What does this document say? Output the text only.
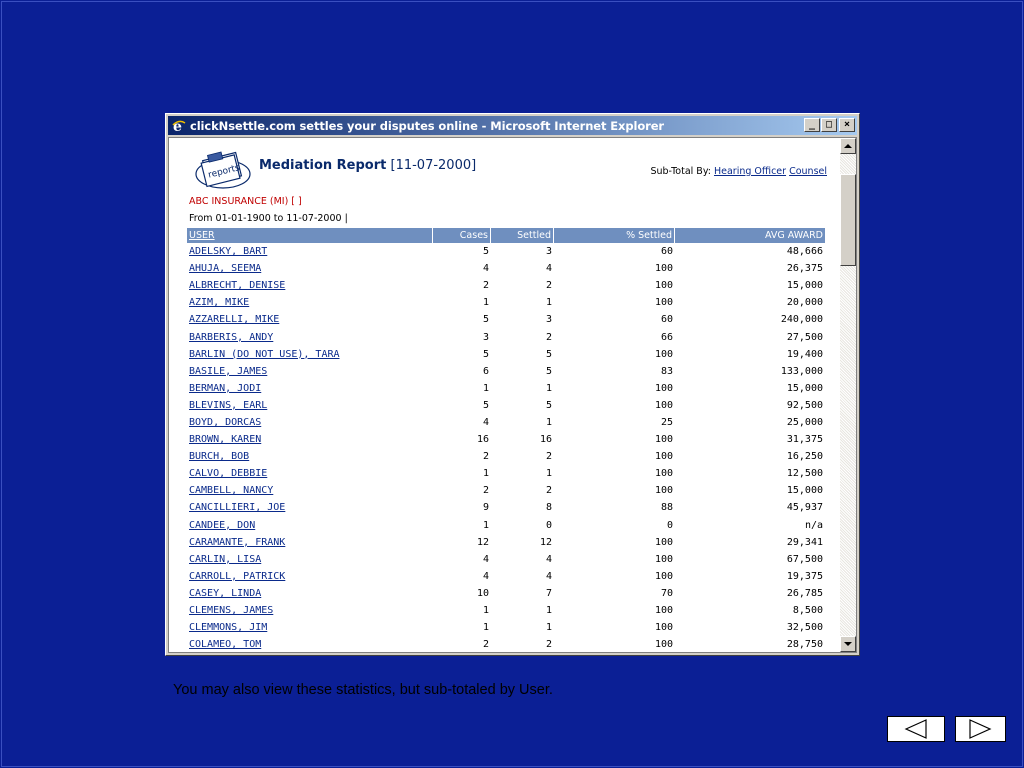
e clickNsettle.com settles your disputes online - Microsoft Internet Explorer	_	□	×
reports Mediation Report [11-07-2000]	Sub-Total By: Hearing Officer Counsel
ABC INSURANCE (MI) [ ]
From 01-01-1900 to 11-07-2000 |
USER	Cases	Settled	% Settled	AVG AWARD
ADELSKY, BART	5	3	60	48,666
AHUJA, SEEMA	4	4	100	26,375
ALBRECHT, DENISE	2	2	100	15,000
AZIM, MIKE	1	1	100	20,000
AZZARELLI, MIKE	5	3	60	240,000
BARBERIS, ANDY	3	2	66	27,500
BARLIN (DO NOT USE), TARA	5	5	100	19,400
BASILE, JAMES	6	5	83	133,000
BERMAN, JODI	1	1	100	15,000
BLEVINS, EARL	5	5	100	92,500
BOYD, DORCAS	4	1	25	25,000
BROWN, KAREN	16	16	100	31,375
BURCH, BOB	2	2	100	16,250
CALVO, DEBBIE	1	1	100	12,500
CAMBELL, NANCY	2	2	100	15,000
CANCILLIERI, JOE	9	8	88	45,937
CANDEE, DON	1	0	0	n/a
CARAMANTE, FRANK	12	12	100	29,341
CARLIN, LISA	4	4	100	67,500
CARROLL, PATRICK	4	4	100	19,375
CASEY, LINDA	10	7	70	26,785
CLEMENS, JAMES	1	1	100	8,500
CLEMMONS, JIM	1	1	100	32,500
COLAMEO, TOM	2	2	100	28,750
You may also view these statistics, but sub-totaled by User.
